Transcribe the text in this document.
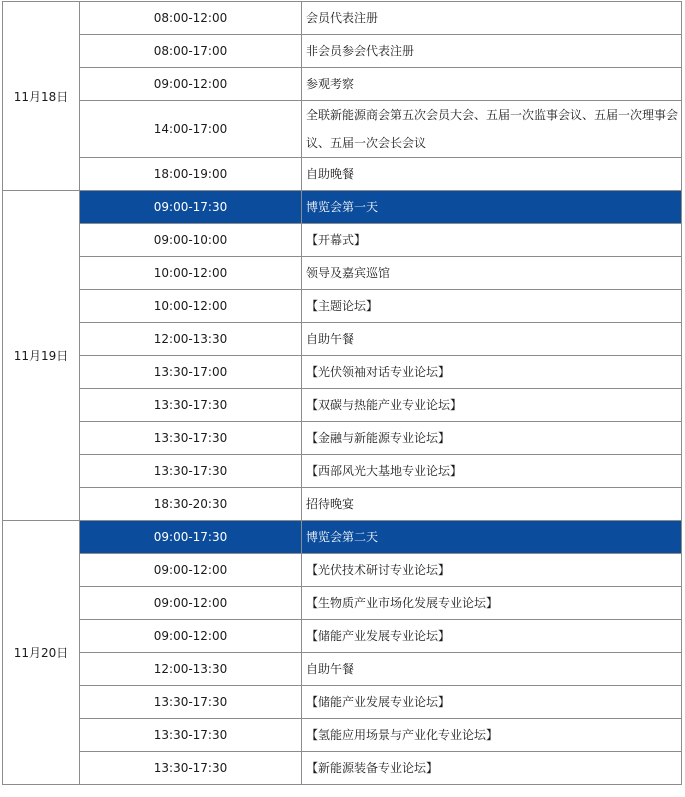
11月18日	08:00-12:00	会员代表注册
	08:00-17:00	非会员参会代表注册
	09:00-12:00	参观考察
	14:00-17:00	全联新能源商会第五次会员大会、五届一次监事会议、五届一次理事会议、五届一次会长会议
	18:00-19:00	自助晚餐
11月19日	09:00-17:30	博览会第一天
	09:00-10:00	【开幕式】
	10:00-12:00	领导及嘉宾巡馆
	10:00-12:00	【主题论坛】
	12:00-13:30	自助午餐
	13:30-17:00	【光伏领袖对话专业论坛】
	13:30-17:30	【双碳与热能产业专业论坛】
	13:30-17:30	【金融与新能源专业论坛】
	13:30-17:30	【西部风光大基地专业论坛】
	18:30-20:30	招待晚宴
11月20日	09:00-17:30	博览会第二天
	09:00-12:00	【光伏技术研讨专业论坛】
	09:00-12:00	【生物质产业市场化发展专业论坛】
	09:00-12:00	【储能产业发展专业论坛】
	12:00-13:30	自助午餐
	13:30-17:30	【储能产业发展专业论坛】
	13:30-17:30	【氢能应用场景与产业化专业论坛】
	13:30-17:30	【新能源装备专业论坛】
